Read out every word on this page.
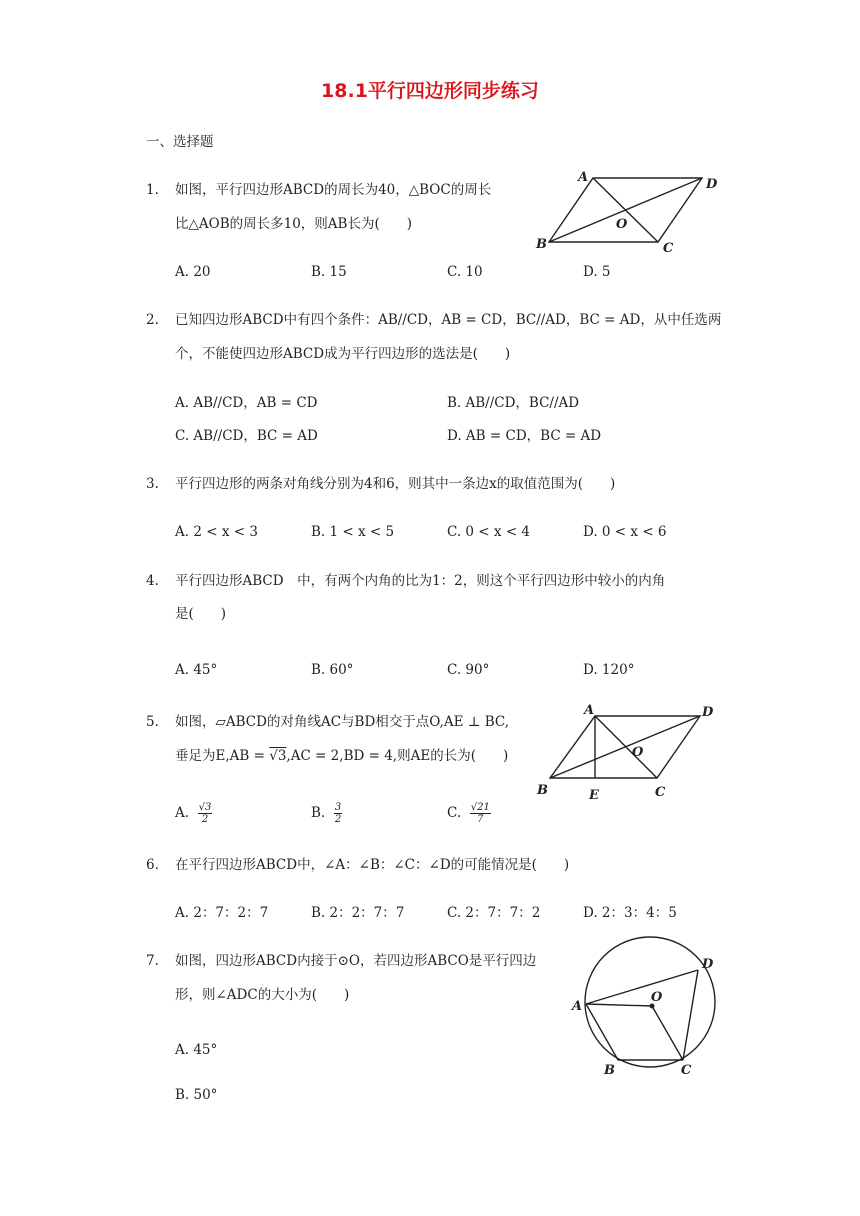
18.1平行四边形同步练习
一、选择题
1. 如图，平行四边形ABCD的周长为40，△BOC的周长
比△AOB的周长多10，则AB长为(　　)
A	D
O
B	C
A. 20	B. 15	C. 10	D. 5
2. 已知四边形ABCD中有四个条件：AB//CD，AB = CD，BC//AD，BC = AD，从中任选两
个，不能使四边形ABCD成为平行四边形的选法是(　　)
A. AB//CD，AB = CD	B. AB//CD，BC//AD
C. AB//CD，BC = AD	D. AB = CD，BC = AD
3. 平行四边形的两条对角线分别为4和6，则其中一条边x的取值范围为(　　)
A. 2 < x < 3	B. 1 < x < 5	C. 0 < x < 4	D. 0 < x < 6
4. 平行四边形ABCD　中，有两个内角的比为1：2，则这个平行四边形中较小的内角
是(　　)
A. 45°	B. 60°	C. 90°	D. 120°
5. 如图，▱ABCD的对角线AC与BD相交于点O,AE ⊥ BC,
垂足为E,AB = √3,AC = 2,BD = 4,则AE的长为(　　)
A	D
O
B	E	C
A. $\frac{√3}{2}$	B. $\frac{3}{2}$	C. $\frac{√21}{7}$
6. 在平行四边形ABCD中，∠A：∠B：∠C：∠D的可能情况是(　　)
A. 2：7：2：7	B. 2：2：7：7	C. 2：7：7：2	D. 2：3：4：5
7. 如图，四边形ABCD内接于⊙O，若四边形ABCO是平行四边
形，则∠ADC的大小为(　　)
D
O
A
B	C
A. 45°
B. 50°
